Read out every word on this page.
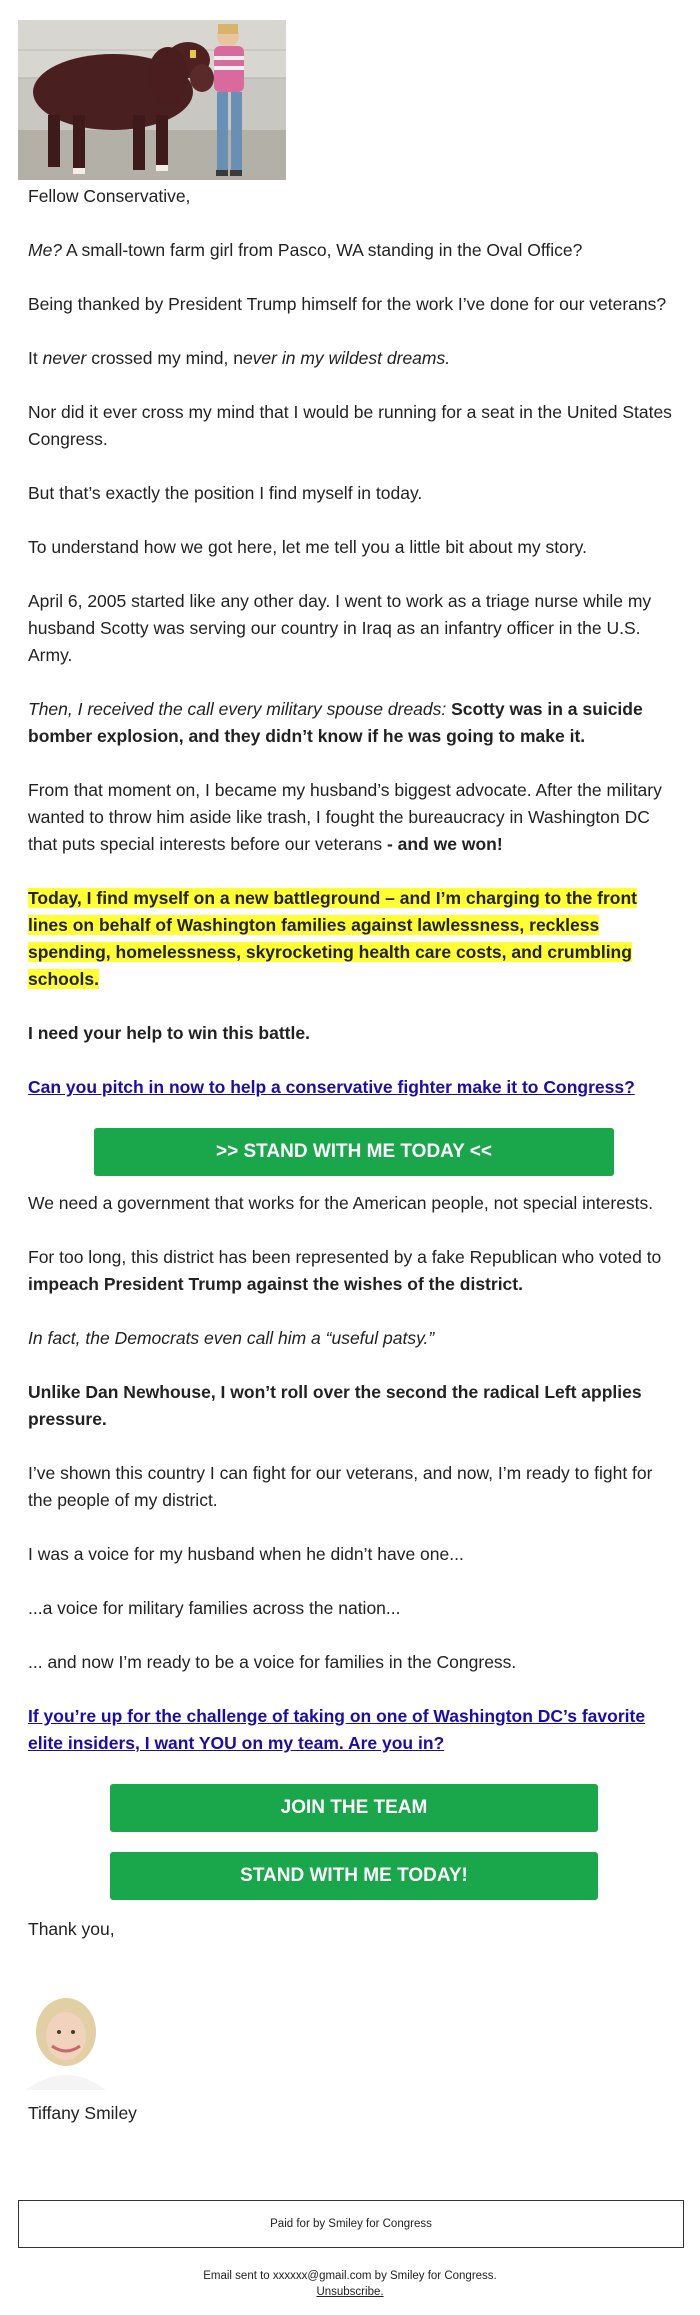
Fellow Conservative,

Me? A small-town farm girl from Pasco, WA standing in the Oval Office?

Being thanked by President Trump himself for the work I’ve done for our veterans?

It never crossed my mind, never in my wildest dreams.

Nor did it ever cross my mind that I would be running for a seat in the United States Congress.

But that’s exactly the position I find myself in today.

To understand how we got here, let me tell you a little bit about my story.

April 6, 2005 started like any other day. I went to work as a triage nurse while my husband Scotty was serving our country in Iraq as an infantry officer in the U.S. Army.

Then, I received the call every military spouse dreads: Scotty was in a suicide bomber explosion, and they didn’t know if he was going to make it.

From that moment on, I became my husband’s biggest advocate. After the military wanted to throw him aside like trash, I fought the bureaucracy in Washington DC that puts special interests before our veterans - and we won!

Today, I find myself on a new battleground – and I’m charging to the front lines on behalf of Washington families against lawlessness, reckless spending, homelessness, skyrocketing health care costs, and crumbling schools.

I need your help to win this battle.

Can you pitch in now to help a conservative fighter make it to Congress?

>> STAND WITH ME TODAY <<

We need a government that works for the American people, not special interests.

For too long, this district has been represented by a fake Republican who voted to impeach President Trump against the wishes of the district.

In fact, the Democrats even call him a “useful patsy.”

Unlike Dan Newhouse, I won’t roll over the second the radical Left applies pressure.

I’ve shown this country I can fight for our veterans, and now, I’m ready to fight for the people of my district.

I was a voice for my husband when he didn’t have one...

...a voice for military families across the nation...

... and now I’m ready to be a voice for families in the Congress.

If you’re up for the challenge of taking on one of Washington DC’s favorite elite insiders, I want YOU on my team. Are you in?

JOIN THE TEAM
STAND WITH ME TODAY!

Thank you,

Tiffany Smiley
Paid for by Smiley for Congress
Email sent to xxxxxx@gmail.com by Smiley for Congress.
Unsubscribe.
